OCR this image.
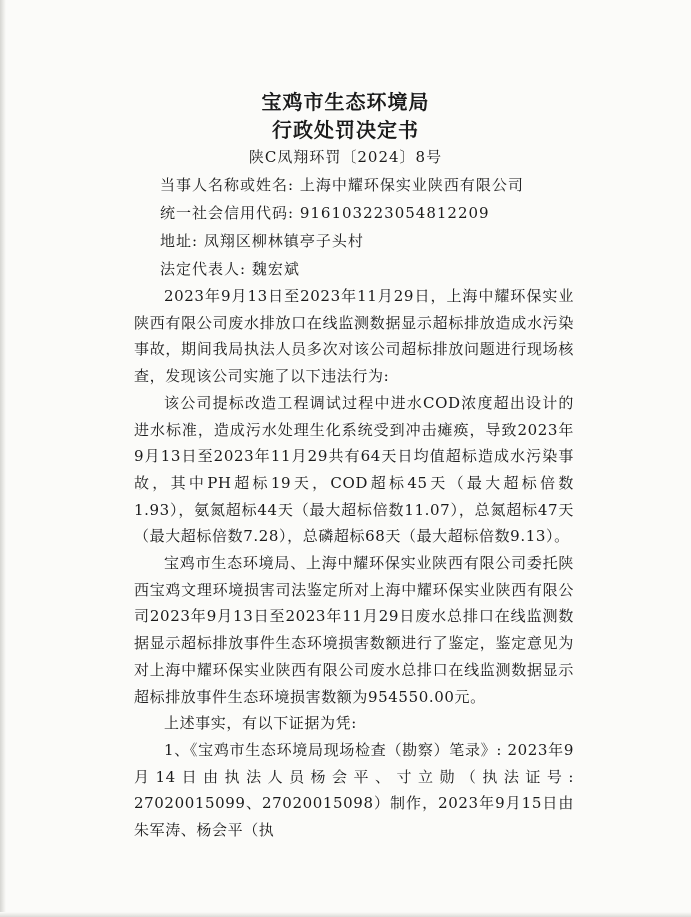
宝鸡市生态环境局
行政处罚决定书
陕C凤翔环罚〔2024〕8号
当事人名称或姓名: 上海中耀环保实业陕西有限公司
统一社会信用代码: 916103223054812209
地址: 凤翔区柳林镇亭子头村
法定代表人: 魏宏斌

2023年9月13日至2023年11月29日，上海中耀环保实业陕西有限公司废水排放口在线监测数据显示超标排放造成水污染事故，期间我局执法人员多次对该公司超标排放问题进行现场核查，发现该公司实施了以下违法行为:

该公司提标改造工程调试过程中进水COD浓度超出设计的进水标准，造成污水处理生化系统受到冲击瘫痪，导致2023年9月13日至2023年11月29共有64天日均值超标造成水污染事故，其中PH超标19天，COD超标45天（最大超标倍数1.93），氨氮超标44天（最大超标倍数11.07），总氮超标47天（最大超标倍数7.28），总磷超标68天（最大超标倍数9.13）。

宝鸡市生态环境局、上海中耀环保实业陕西有限公司委托陕西宝鸡文理环境损害司法鉴定所对上海中耀环保实业陕西有限公司2023年9月13日至2023年11月29日废水总排口在线监测数据显示超标排放事件生态环境损害数额进行了鉴定，鉴定意见为对上海中耀环保实业陕西有限公司废水总排口在线监测数据显示超标排放事件生态环境损害数额为954550.00元。

上述事实，有以下证据为凭:

1、《宝鸡市生态环境局现场检查（勘察）笔录》: 2023年9月14日由执法人员杨会平、寸立勋（执法证号: 27020015099、27020015098）制作，2023年9月15日由朱军涛、杨会平（执
